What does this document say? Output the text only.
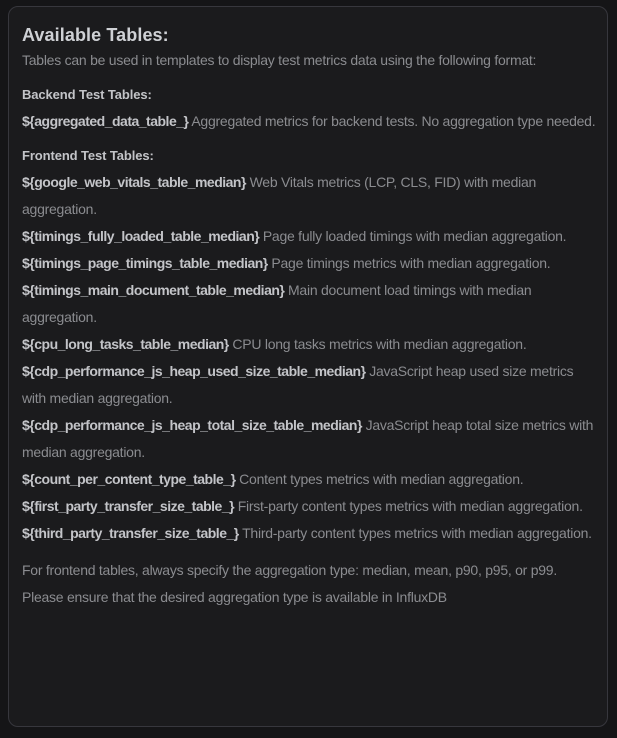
Available Tables:

Tables can be used in templates to display test metrics data using the following format:

Backend Test Tables:

${aggregated_data_table_} Aggregated metrics for backend tests. No aggregation type needed.

Frontend Test Tables:

${google_web_vitals_table_median} Web Vitals metrics (LCP, CLS, FID) with median aggregation.

${timings_fully_loaded_table_median} Page fully loaded timings with median aggregation.

${timings_page_timings_table_median} Page timings metrics with median aggregation.

${timings_main_document_table_median} Main document load timings with median aggregation.

${cpu_long_tasks_table_median} CPU long tasks metrics with median aggregation.

${cdp_performance_js_heap_used_size_table_median} JavaScript heap used size metrics with median aggregation.

${cdp_performance_js_heap_total_size_table_median} JavaScript heap total size metrics with median aggregation.

${count_per_content_type_table_} Content types metrics with median aggregation.

${first_party_transfer_size_table_} First-party content types metrics with median aggregation.

${third_party_transfer_size_table_} Third-party content types metrics with median aggregation.

For frontend tables, always specify the aggregation type: median, mean, p90, p95, or p99. Please ensure that the desired aggregation type is available in InfluxDB
